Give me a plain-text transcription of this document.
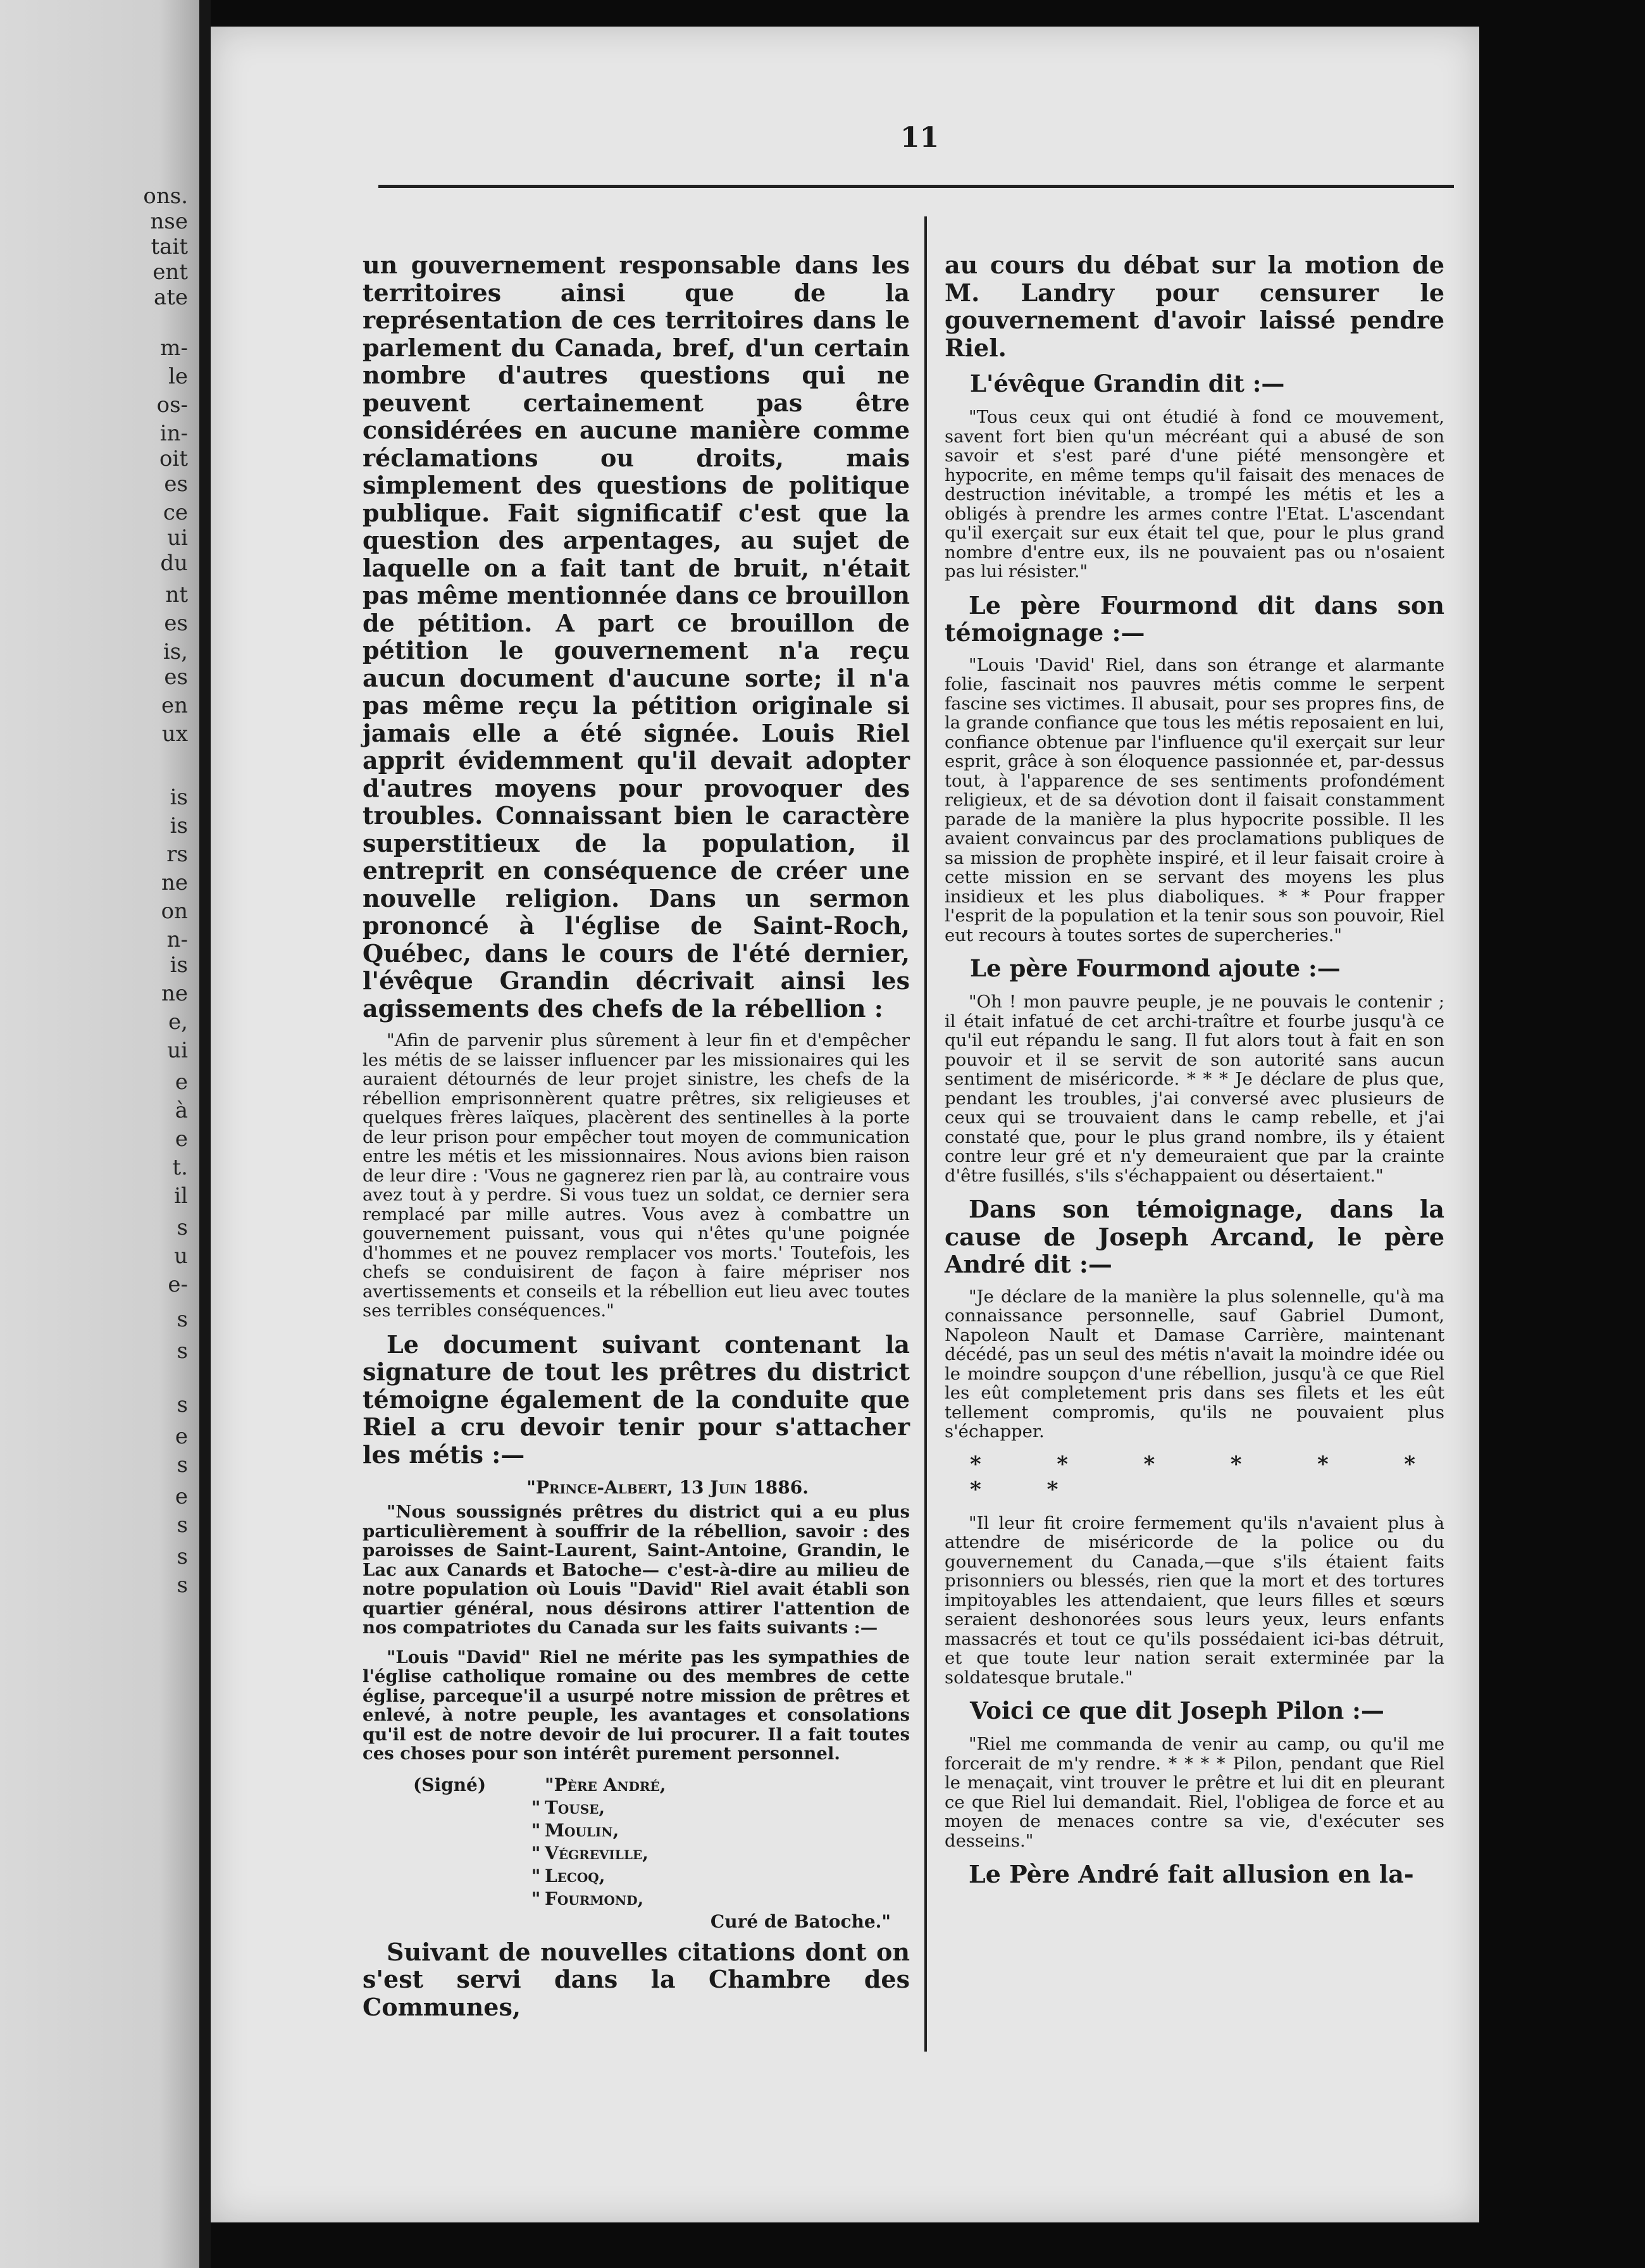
ons.
nse
tait
ent
ate
m-
le
os-
in-
oit
es
ce
ui
du
nt
es
is,
es
en
ux
is
is
rs
ne
on
n-
is
ne
e,
ui
e
à
e
t.
il
s
u
e-
s
s
s
e
s
e
s
s
s
11

un gouvernement responsable dans les territoires ainsi que de la représentation de ces territoires dans le parlement du Canada, bref, d'un certain nombre d'autres questions qui ne peuvent certainement pas être considérées en aucune manière comme réclamations ou droits, mais simplement des questions de politique publique. Fait significatif c'est que la question des arpentages, au sujet de laquelle on a fait tant de bruit, n'était pas même mentionnée dans ce brouillon de pétition. A part ce brouillon de pétition le gouvernement n'a reçu aucun document d'aucune sorte; il n'a pas même reçu la pétition originale si jamais elle a été signée. Louis Riel apprit évidemment qu'il devait adopter d'autres moyens pour provoquer des troubles. Connaissant bien le caractère superstitieux de la population, il entreprit en conséquence de créer une nouvelle religion. Dans un sermon prononcé à l'église de Saint-Roch, Québec, dans le cours de l'été dernier, l'évêque Grandin décrivait ainsi les agissements des chefs de la rébellion :

"Afin de parvenir plus sûrement à leur fin et d'empêcher les métis de se laisser influencer par les missionaires qui les auraient détournés de leur projet sinistre, les chefs de la rébellion emprisonnèrent quatre prêtres, six religieuses et quelques frères laïques, placèrent des sentinelles à la porte de leur prison pour empêcher tout moyen de communication entre les métis et les missionnaires. Nous avions bien raison de leur dire : 'Vous ne gagnerez rien par là, au contraire vous avez tout à y perdre. Si vous tuez un soldat, ce dernier sera remplacé par mille autres. Vous avez à combattre un gouvernement puissant, vous qui n'êtes qu'une poignée d'hommes et ne pouvez remplacer vos morts.' Toutefois, les chefs se conduisirent de façon à faire mépriser nos avertissements et conseils et la rébellion eut lieu avec toutes ses terribles conséquences."

Le document suivant contenant la signature de tout les prêtres du district témoigne également de la conduite que Riel a cru devoir tenir pour s'attacher les métis :—

"Prince-Albert, 13 Juin 1886.

"Nous soussignés prêtres du district qui a eu plus particulièrement à souffrir de la rébellion, savoir : des paroisses de Saint-Laurent, Saint-Antoine, Grandin, le Lac aux Canards et Batoche— c'est-à-dire au milieu de notre population où Louis "David" Riel avait établi son quartier général, nous désirons attirer l'attention de nos compatriotes du Canada sur les faits suivants :—

"Louis "David" Riel ne mérite pas les sympathies de l'église catholique romaine ou des membres de cette église, parceque'il a usurpé notre mission de prêtres et enlevé, à notre peuple, les avantages et consolations qu'il est de notre devoir de lui procurer. Il a fait toutes ces choses pour son intérêt purement personnel.

(Signé)	"Père André,
" Touse,
" Moulin,
" Végreville,
" Lecoq,
" Fourmond,
Curé de Batoche."

Suivant de nouvelles citations dont on s'est servi dans la Chambre des Communes,

au cours du débat sur la motion de M. Landry pour censurer le gouvernement d'avoir laissé pendre Riel.

L'évêque Grandin dit :—

"Tous ceux qui ont étudié à fond ce mouvement, savent fort bien qu'un mécréant qui a abusé de son savoir et s'est paré d'une piété mensongère et hypocrite, en même temps qu'il faisait des menaces de destruction inévitable, a trompé les métis et les a obligés à prendre les armes contre l'Etat. L'ascendant qu'il exerçait sur eux était tel que, pour le plus grand nombre d'entre eux, ils ne pouvaient pas ou n'osaient pas lui résister."

Le père Fourmond dit dans son témoignage :—

"Louis 'David' Riel, dans son étrange et alarmante folie, fascinait nos pauvres métis comme le serpent fascine ses victimes. Il abusait, pour ses propres fins, de la grande confiance que tous les métis reposaient en lui, confiance obtenue par l'influence qu'il exerçait sur leur esprit, grâce à son éloquence passionnée et, par-dessus tout, à l'apparence de ses sentiments profondément religieux, et de sa dévotion dont il faisait constamment parade de la manière la plus hypocrite possible. Il les avaient convaincus par des proclamations publiques de sa mission de prophète inspiré, et il leur faisait croire à cette mission en se servant des moyens les plus insidieux et les plus diaboliques. * * Pour frapper l'esprit de la population et la tenir sous son pouvoir, Riel eut recours à toutes sortes de supercheries."

Le père Fourmond ajoute :—

"Oh ! mon pauvre peuple, je ne pouvais le contenir ; il était infatué de cet archi-traître et fourbe jusqu'à ce qu'il eut répandu le sang. Il fut alors tout à fait en son pouvoir et il se servit de son autorité sans aucun sentiment de miséricorde. * * * Je déclare de plus que, pendant les troubles, j'ai conversé avec plusieurs de ceux qui se trouvaient dans le camp rebelle, et j'ai constaté que, pour le plus grand nombre, ils y étaient contre leur gré et n'y demeuraient que par la crainte d'être fusillés, s'ils s'échappaient ou désertaient."

Dans son témoignage, dans la cause de Joseph Arcand, le père André dit :—

"Je déclare de la manière la plus solennelle, qu'à ma connaissance personnelle, sauf Gabriel Dumont, Napoleon Nault et Damase Carrière, maintenant décédé, pas un seul des métis n'avait la moindre idée ou le moindre soupçon d'une rébellion, jusqu'à ce que Riel les eût completement pris dans ses filets et les eût tellement compromis, qu'ils ne pouvaient plus s'échapper.

* * * * * * * *

"Il leur fit croire fermement qu'ils n'avaient plus à attendre de miséricorde de la police ou du gouvernement du Canada,—que s'ils étaient faits prisonniers ou blessés, rien que la mort et des tortures impitoyables les attendaient, que leurs filles et sœurs seraient deshonorées sous leurs yeux, leurs enfants massacrés et tout ce qu'ils possédaient ici-bas détruit, et que toute leur nation serait exterminée par la soldatesque brutale."

Voici ce que dit Joseph Pilon :—

"Riel me commanda de venir au camp, ou qu'il me forcerait de m'y rendre. * * * * Pilon, pendant que Riel le menaçait, vint trouver le prêtre et lui dit en pleurant ce que Riel lui demandait. Riel, l'obligea de force et au moyen de menaces contre sa vie, d'exécuter ses desseins."

Le Père André fait allusion en la-
